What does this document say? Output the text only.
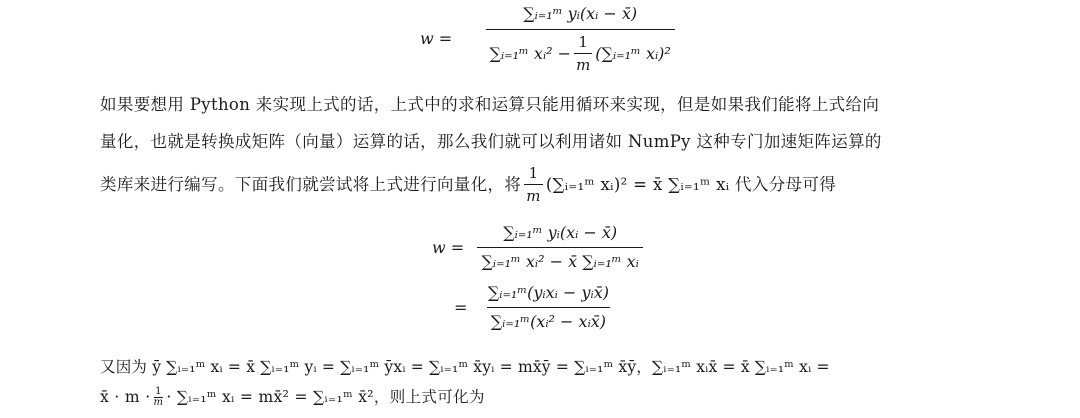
w =
∑ᵢ₌₁ᵐ yᵢ(xᵢ − x̄)
∑ᵢ₌₁ᵐ xᵢ² − $\frac{1}{m}$ (∑ᵢ₌₁ᵐ xᵢ)²

如果要想用 Python 来实现上式的话，上式中的求和运算只能用循环来实现，但是如果我们能将上式给向

量化，也就是转换成矩阵（向量）运算的话，那么我们就可以利用诸如 NumPy 这种专门加速矩阵运算的

类库来进行编写。下面我们就尝试将上式进行向量化，将 $\frac{1}{m}$ (∑ᵢ₌₁ᵐ xᵢ)² = x̄ ∑ᵢ₌₁ᵐ xᵢ 代入分母可得

$w = \frac{\text{∑ᵢ₌₁ᵐ yᵢ(xᵢ − x̄)}}{\text{∑ᵢ₌₁ᵐ xᵢ² − x̄ ∑ᵢ₌₁ᵐ xᵢ}}$
= $\frac{\text{∑ᵢ₌₁ᵐ(yᵢxᵢ − yᵢx̄)}}{\text{∑ᵢ₌₁ᵐ(xᵢ² − xᵢx̄)}}$

又因为 ȳ ∑ᵢ₌₁ᵐ xᵢ = x̄ ∑ᵢ₌₁ᵐ yᵢ = ∑ᵢ₌₁ᵐ ȳxᵢ = ∑ᵢ₌₁ᵐ x̄yᵢ = mx̄ȳ = ∑ᵢ₌₁ᵐ x̄ȳ，∑ᵢ₌₁ᵐ xᵢx̄ = x̄ ∑ᵢ₌₁ᵐ xᵢ =

x̄ · $m \cdot \frac{1}{m}$ · ∑ᵢ₌₁ᵐ xᵢ = mx̄² = ∑ᵢ₌₁ᵐ x̄²，则上式可化为
